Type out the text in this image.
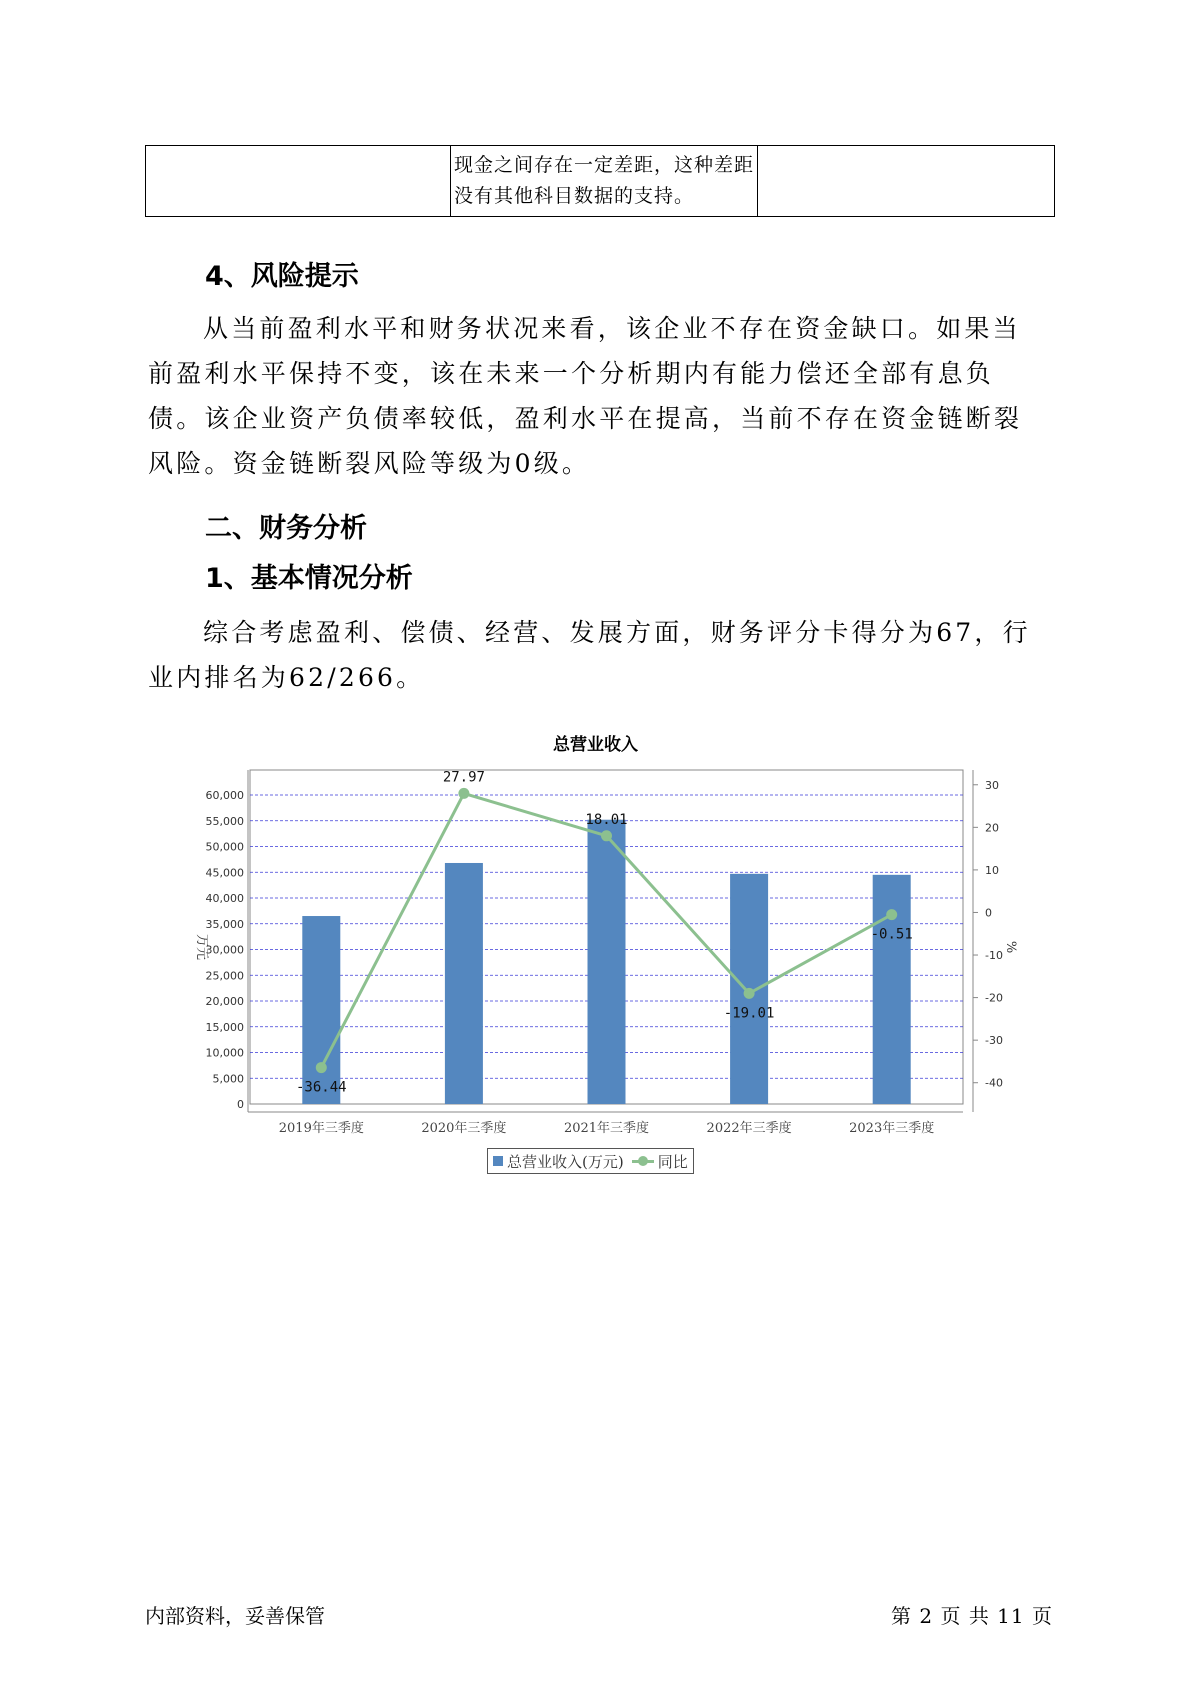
现金之间存在一定差距，这种差距
没有其他科目数据的支持。

4、风险提示

从当前盈利水平和财务状况来看，该企业不存在资金缺口。如果当前盈利水平保持不变，该在未来一个分析期内有能力偿还全部有息负债。该企业资产负债率较低，盈利水平在提高，当前不存在资金链断裂风险。资金链断裂风险等级为0级。

二、财务分析
1、基本情况分析

综合考虑盈利、偿债、经营、发展方面，财务评分卡得分为67，行业内排名为62/266。

总营业收入
0
5,000
10,000
15,000
20,000
25,000
30,000
35,000
40,000
45,000
50,000
55,000
60,000
30
20
10
0
-10
-20
-30
-40
万元	%
2019年三季度	2020年三季度	2021年三季度	2022年三季度	2023年三季度
-36.44
27.97
18.01
-19.01
-0.51
总营业收入(万元) 同比
内部资料，妥善保管	第 2 页 共 11 页
